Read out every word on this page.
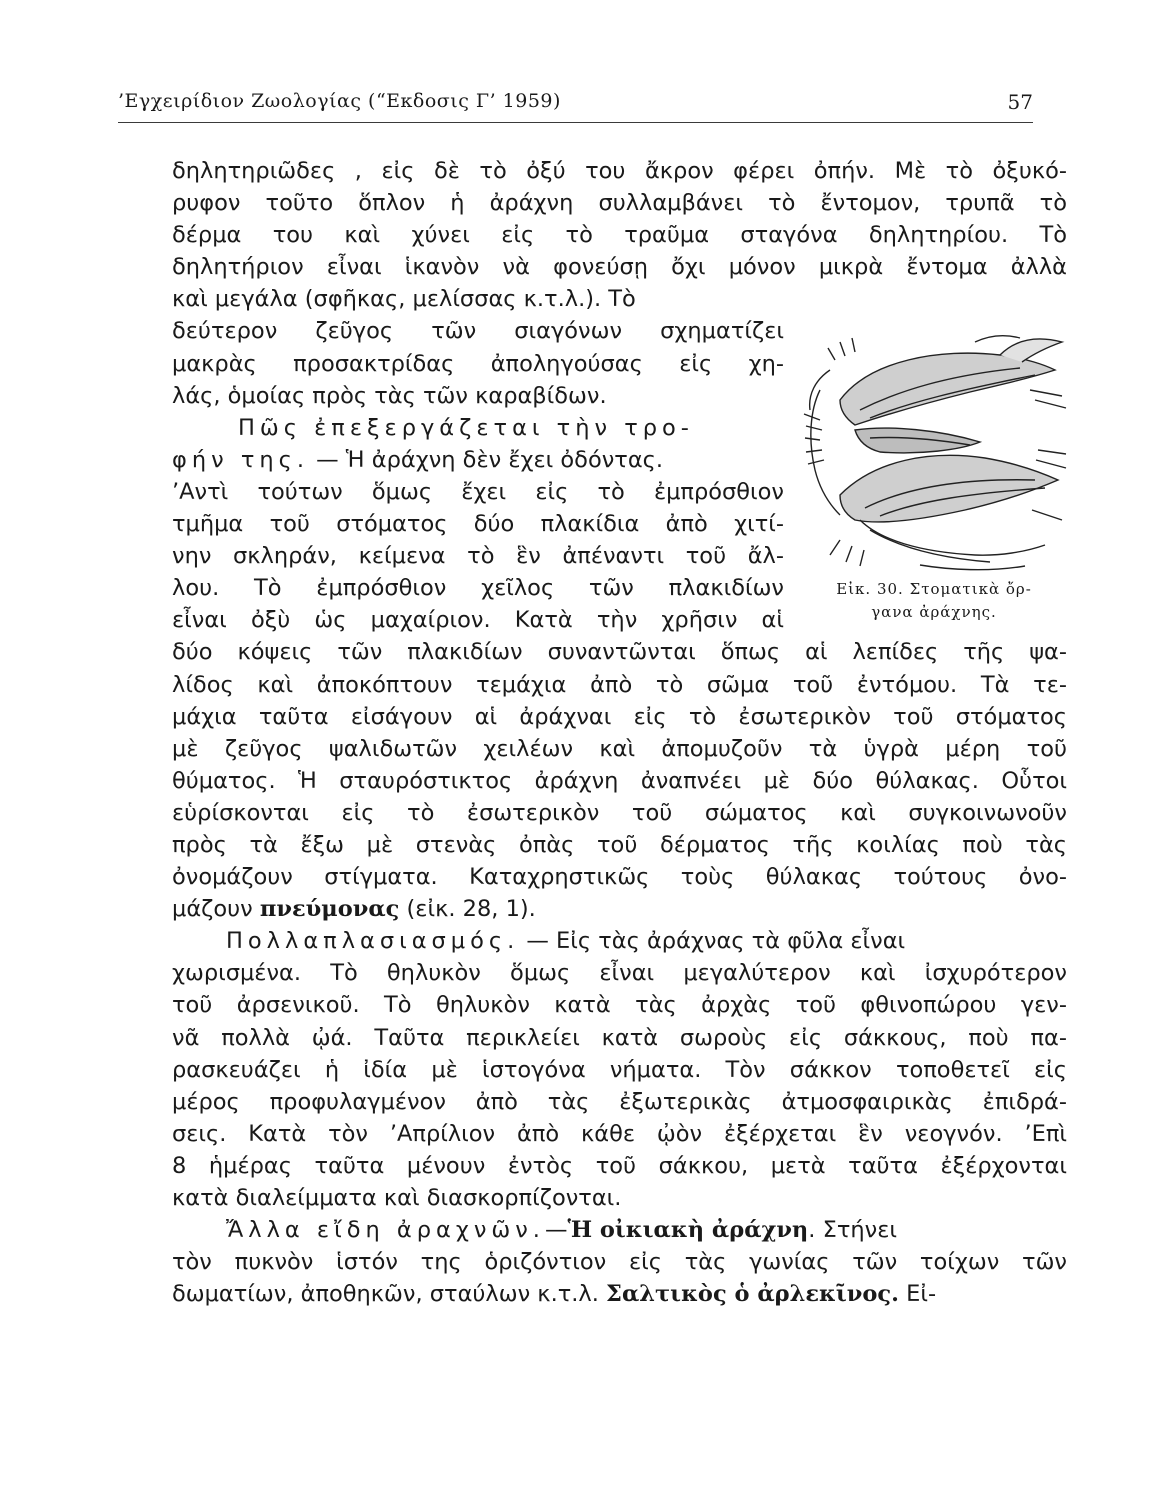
’Εγχειρίδιον Ζωολογίας (“Εκδοσις Γ’ 1959)	57
Εἰκ. 30. Στοματικὰ ὄρ-
γανα ἀράχνης.
δηλητηριῶδες , εἰς δὲ τὸ ὀξύ του ἄκρον φέρει ὀπήν. Μὲ τὸ ὀξυκό-
ρυφον τοῦτο ὅπλον ἡ ἀράχνη συλλαμβάνει τὸ ἔντομον, τρυπᾶ τὸ
δέρμα του καὶ χύνει εἰς τὸ τραῦμα σταγόνα δηλητηρίου. Τὸ
δηλητήριον εἶναι ἱκανὸν νὰ φονεύσῃ ὄχι μόνον μικρὰ ἔντομα ἀλλὰ
καὶ μεγάλα (σφῆκας, μελίσσας κ.τ.λ.). Τὸ
δεύτερον ζεῦγος τῶν σιαγόνων σχηματίζει
μακρὰς προσακτρίδας ἀποληγούσας εἰς χη-
λάς, ὁμοίας πρὸς τὰς τῶν καραβίδων.
Πῶς ἐπεξεργάζεται τὴν τρο-
φήν της. — Ἡ ἀράχνη δὲν ἔχει ὀδόντας.
’Αντὶ τούτων ὅμως ἔχει εἰς τὸ ἐμπρόσθιον
τμῆμα τοῦ στόματος δύο πλακίδια ἀπὸ χιτί-
νην σκληράν, κείμενα τὸ ἓν ἀπέναντι τοῦ ἄλ-
λου. Τὸ ἐμπρόσθιον χεῖλος τῶν πλακιδίων
εἶναι ὀξὺ ὡς μαχαίριον. Κατὰ τὴν χρῆσιν αἱ
δύο κόψεις τῶν πλακιδίων συναντῶνται ὅπως αἱ λεπίδες τῆς ψα-
λίδος καὶ ἀποκόπτουν τεμάχια ἀπὸ τὸ σῶμα τοῦ ἐντόμου. Τὰ τε-
μάχια ταῦτα εἰσάγουν αἱ ἀράχναι εἰς τὸ ἐσωτερικὸν τοῦ στόματος
μὲ ζεῦγος ψαλιδωτῶν χειλέων καὶ ἀπομυζοῦν τὰ ὑγρὰ μέρη τοῦ
θύματος. Ἡ σταυρόστικτος ἀράχνη ἀναπνέει μὲ δύο θύλακας. Οὗτοι
εὑρίσκονται εἰς τὸ ἐσωτερικὸν τοῦ σώματος καὶ συγκοινωνοῦν
πρὸς τὰ ἔξω μὲ στενὰς ὀπὰς τοῦ δέρματος τῆς κοιλίας ποὺ τὰς
ὀνομάζουν στίγματα. Καταχρηστικῶς τοὺς θύλακας τούτους ὀνο-
μάζουν πνεύμονας (εἰκ. 28, 1).
Πολλαπλασιασμός. — Εἰς τὰς ἀράχνας τὰ φῦλα εἶναι
χωρισμένα. Τὸ θηλυκὸν ὅμως εἶναι μεγαλύτερον καὶ ἰσχυρότερον
τοῦ ἀρσενικοῦ. Τὸ θηλυκὸν κατὰ τὰς ἀρχὰς τοῦ φθινοπώρου γεν-
νᾶ πολλὰ ᾠά. Ταῦτα περικλείει κατὰ σωροὺς εἰς σάκκους, ποὺ πα-
ρασκευάζει ἡ ἰδία μὲ ἱστογόνα νήματα. Τὸν σάκκον τοποθετεῖ εἰς
μέρος προφυλαγμένον ἀπὸ τὰς ἐξωτερικὰς ἀτμοσφαιρικὰς ἐπιδρά-
σεις. Κατὰ τὸν ’Απρίλιον ἀπὸ κάθε ᾠὸν ἐξέρχεται ἓν νεογνόν. ’Επὶ
8 ἡμέρας ταῦτα μένουν ἐντὸς τοῦ σάκκου, μετὰ ταῦτα ἐξέρχονται
κατὰ διαλείμματα καὶ διασκορπίζονται.
Ἄλλα εἴδη ἀραχνῶν.—Ἡ οἰκιακὴ ἀράχνη. Στήνει
τὸν πυκνὸν ἱστόν της ὁριζόντιον εἰς τὰς γωνίας τῶν τοίχων τῶν
δωματίων, ἀποθηκῶν, σταύλων κ.τ.λ. Σαλτικὸς ὁ ἀρλεκῖνος. Εἰ-
